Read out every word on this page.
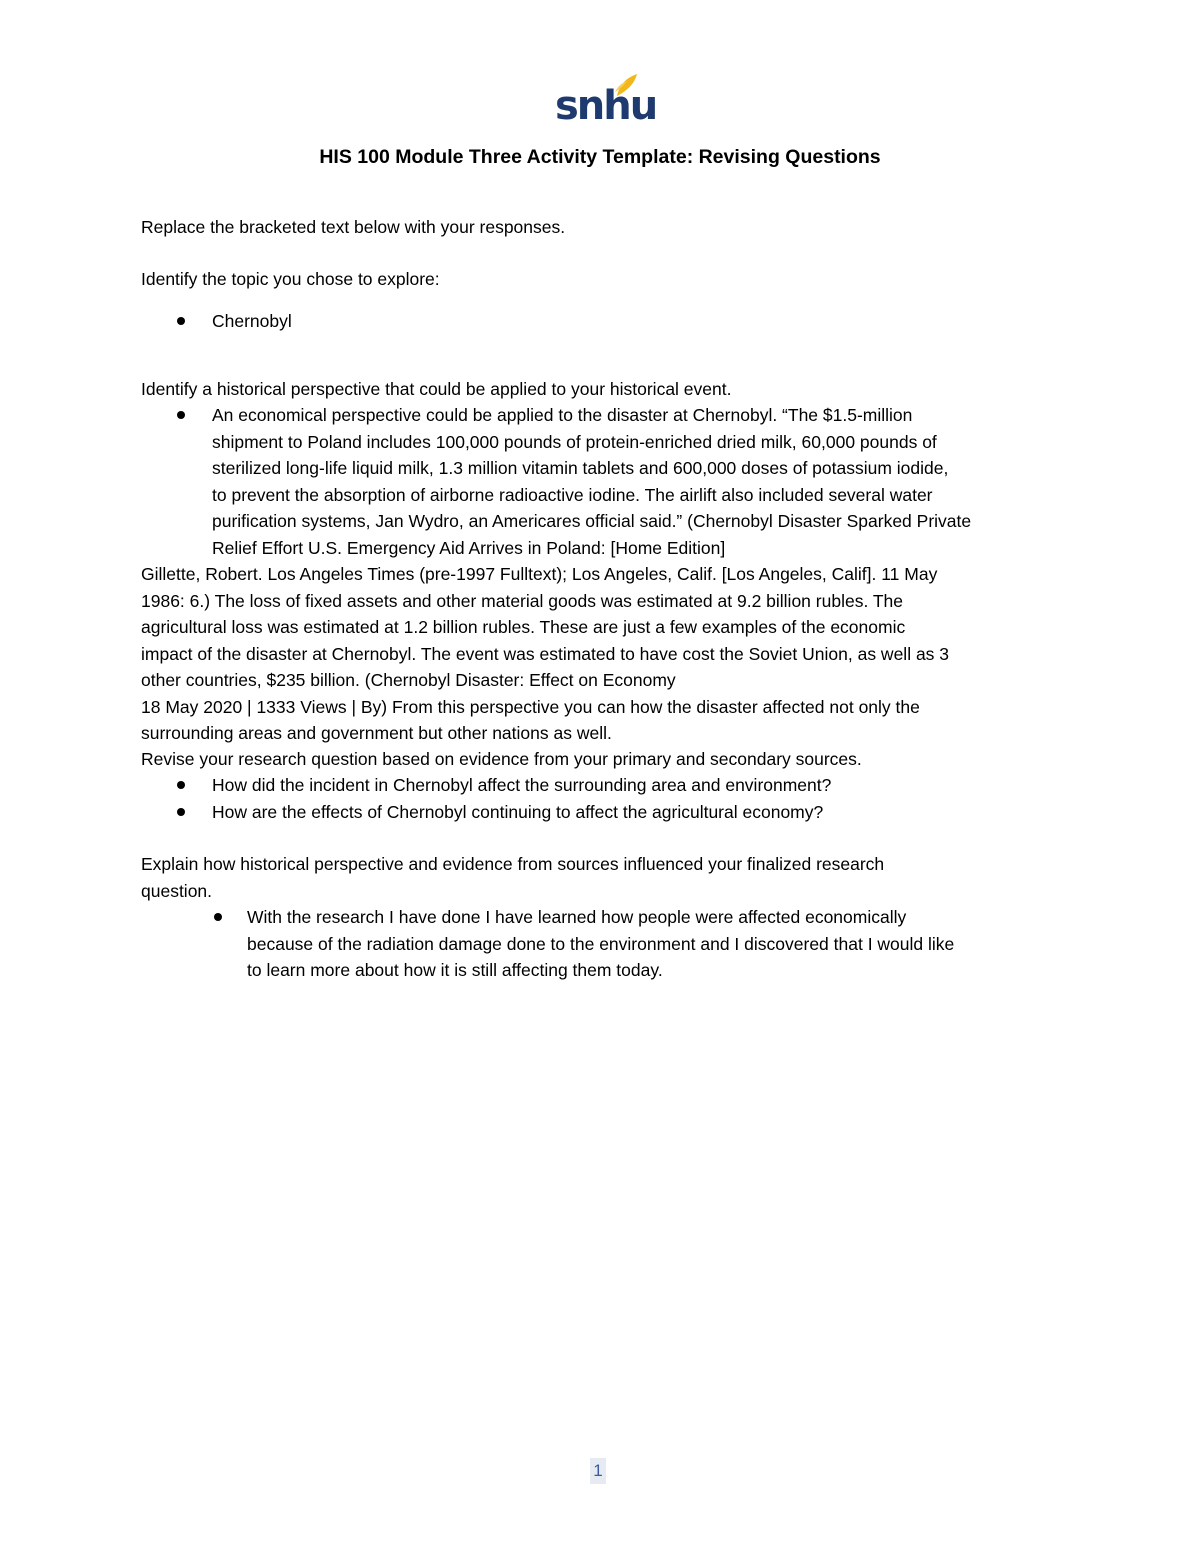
snhu
HIS 100 Module Three Activity Template: Revising Questions

Replace the bracketed text below with your responses.

Identify the topic you chose to explore:

Chernobyl

Identify a historical perspective that could be applied to your historical event.

An economical perspective could be applied to the disaster at Chernobyl. “The $1.5-million
shipment to Poland includes 100,000 pounds of protein-enriched dried milk, 60,000 pounds of
sterilized long-life liquid milk, 1.3 million vitamin tablets and 600,000 doses of potassium iodide,
to prevent the absorption of airborne radioactive iodine. The airlift also included several water
purification systems, Jan Wydro, an Americares official said.” (Chernobyl Disaster Sparked Private
Relief Effort U.S. Emergency Aid Arrives in Poland: [Home Edition]
Gillette, Robert. Los Angeles Times (pre-1997 Fulltext); Los Angeles, Calif. [Los Angeles, Calif]. 11 May
1986: 6.) The loss of fixed assets and other material goods was estimated at 9.2 billion rubles. The
agricultural loss was estimated at 1.2 billion rubles. These are just a few examples of the economic
impact of the disaster at Chernobyl. The event was estimated to have cost the Soviet Union, as well as 3
other countries, $235 billion. (Chernobyl Disaster: Effect on Economy
18 May 2020 | 1333 Views | By) From this perspective you can how the disaster affected not only the
surrounding areas and government but other nations as well.

Revise your research question based on evidence from your primary and secondary sources.

How did the incident in Chernobyl affect the surrounding area and environment?

How are the effects of Chernobyl continuing to affect the agricultural economy?

Explain how historical perspective and evidence from sources influenced your finalized research
question.
With the research I have done I have learned how people were affected economically
because of the radiation damage done to the environment and I discovered that I would like
to learn more about how it is still affecting them today.
1
